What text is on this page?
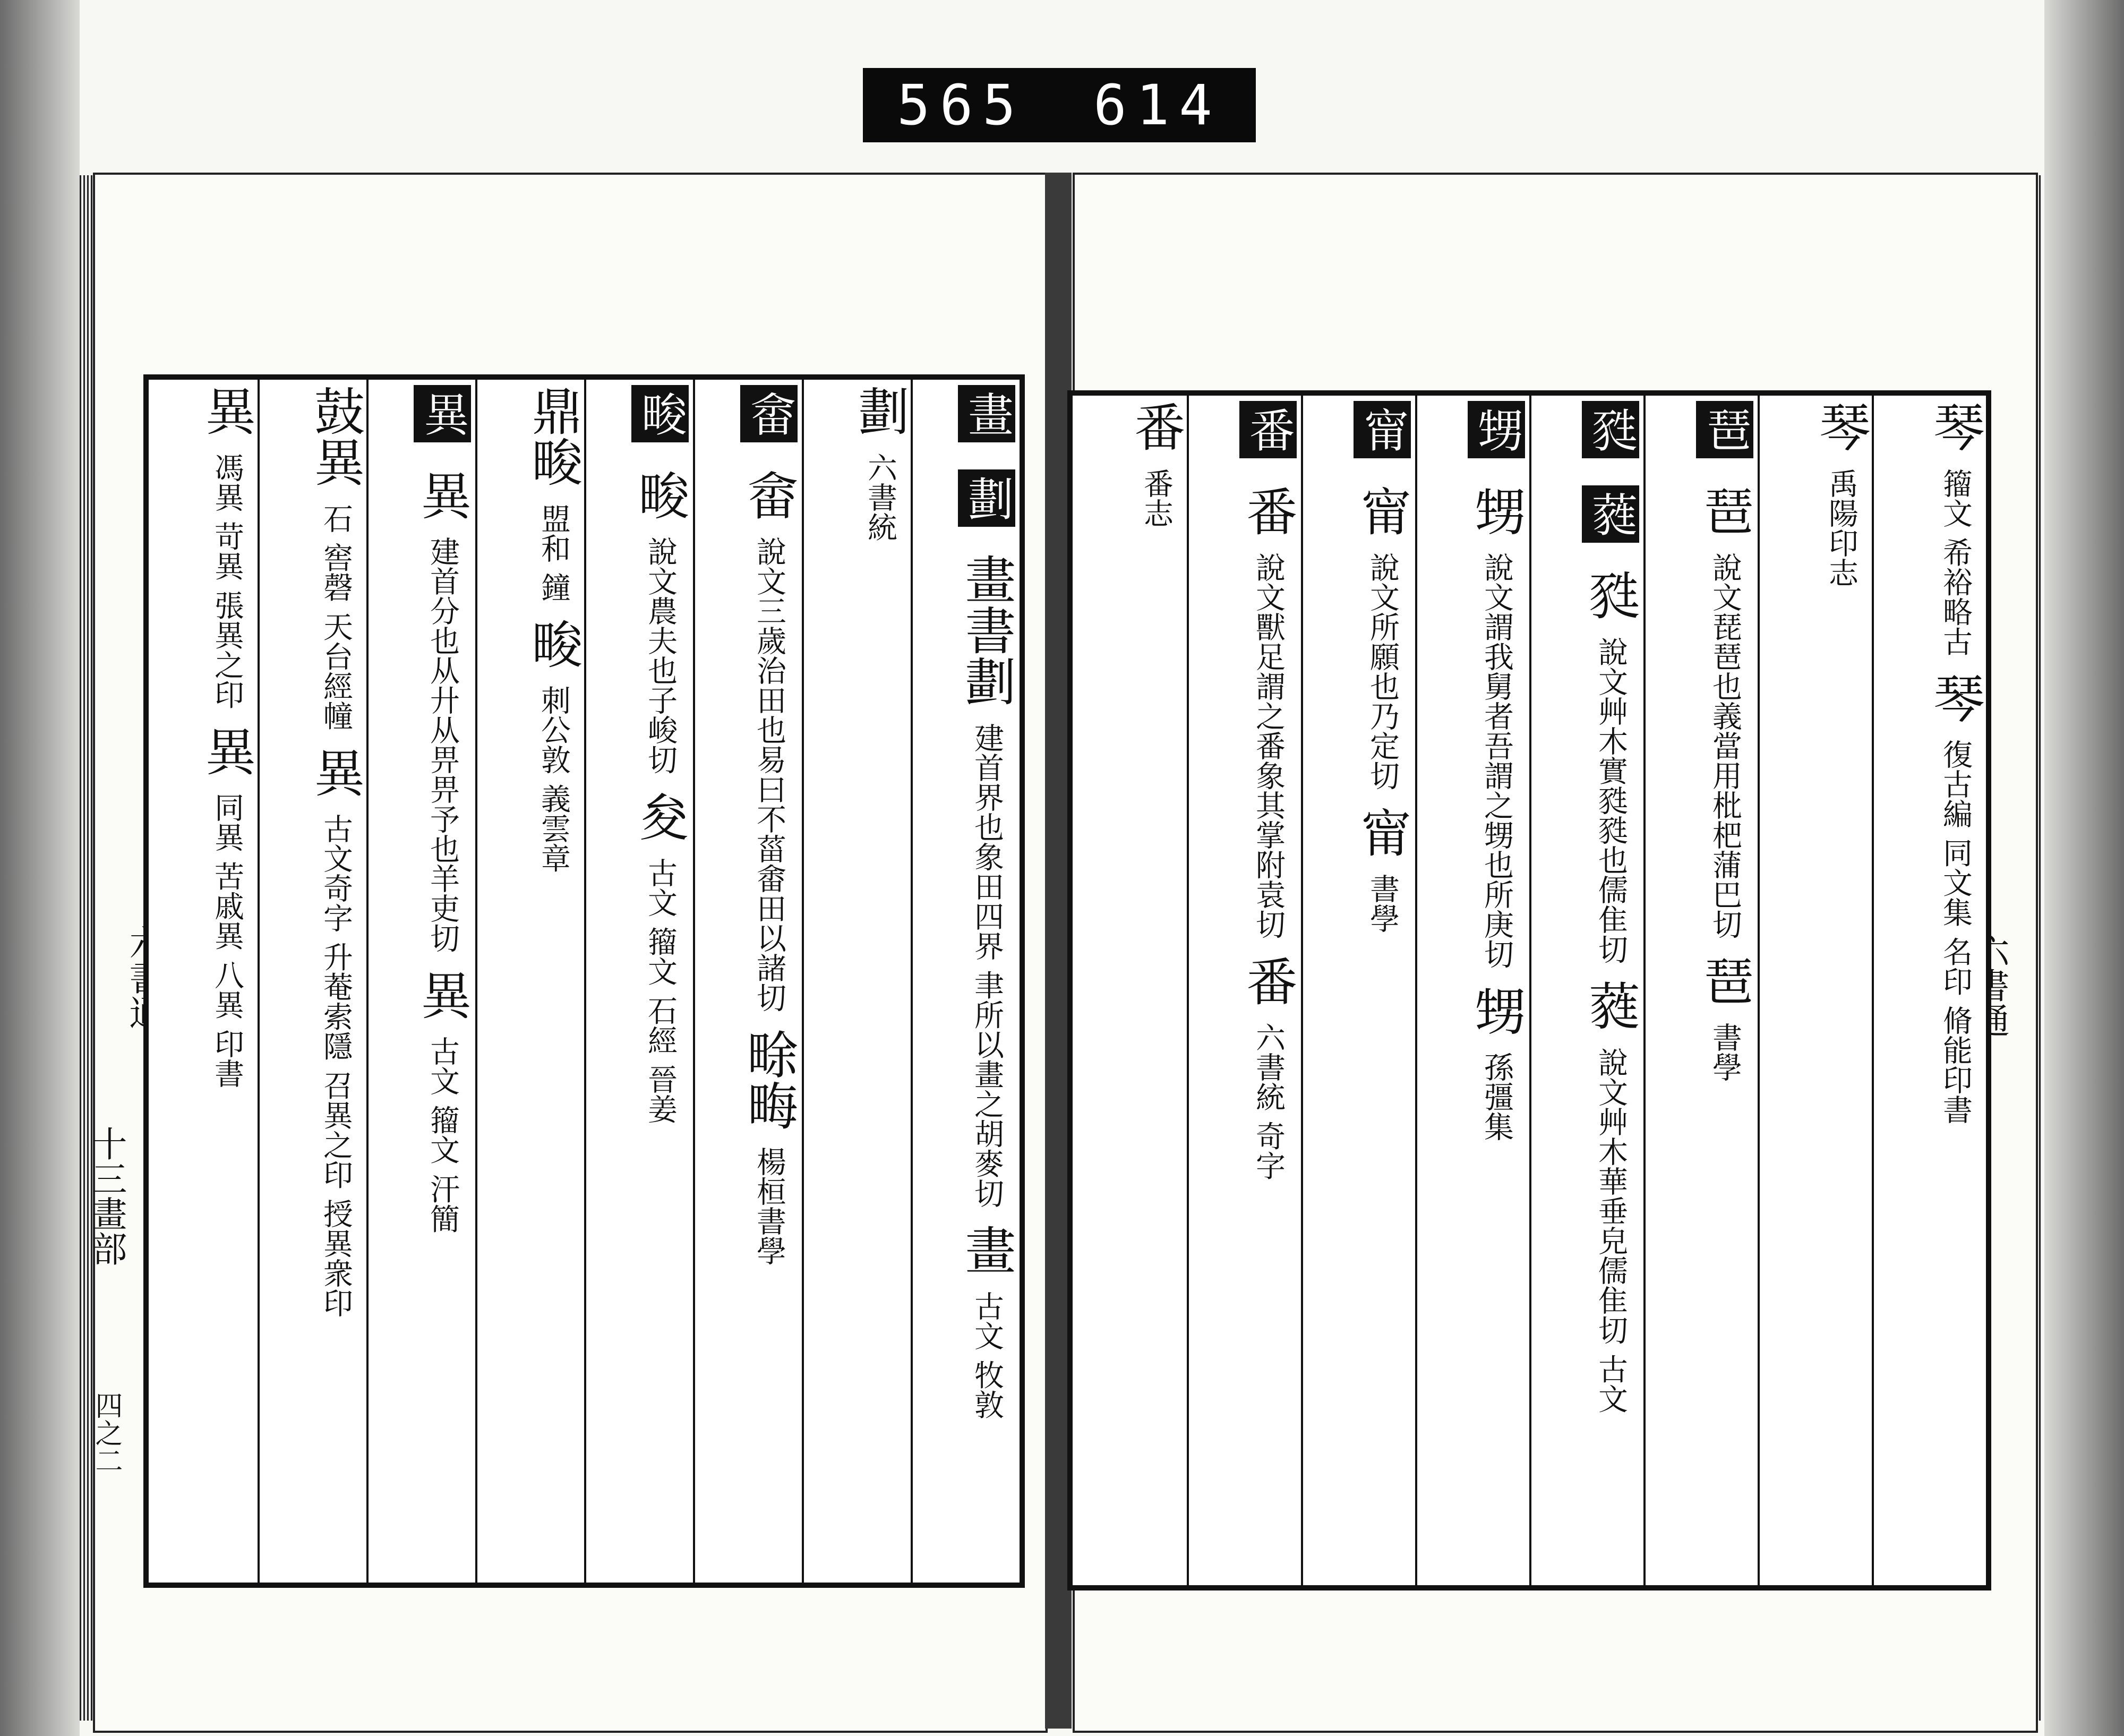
565 614
十三畫部
四之二
畫 劃 畫書劃 建首界也象田四界 聿所以畫之胡麥切 畫 古文 牧敦
劃 六書統
畲 畲 說文三歲治田也易曰不菑畬田以諸切 畭畮 楊桓書學
畯 畯 說文農夫也子峻切 夋 古文 籀文 石經 晉姜
鼎畯 盟和 鐘 畯 刺公敦 義雲章
異 異 建首分也从廾从畀畀予也羊吏切 異 古文 籀文 汗簡
鼓異 石 窖磬 天台經幢 異 古文奇字 升菴索隱 召異之印 授異衆印
異 馮異 苛異 張異之印 異 同異 苦戚異 八異 印書
琴 籀文 希裕略古 琴 復古編 同文集 名印 脩能印書
琴 禹陽印志
琶 琶 說文琵琶也義當用枇杷蒲巴切 琶 書學
甤 蕤 甤 說文艸木實甤甤也儒隹切 蕤 說文艸木華垂皃儒隹切 古文
甥 甥 說文謂我舅者吾謂之甥也所庚切 甥 孫彊集
甯 甯 說文所願也乃定切 甯 書學
番 番 說文獸足謂之番象其掌附袁切 番 六書統 奇字
番 番志
